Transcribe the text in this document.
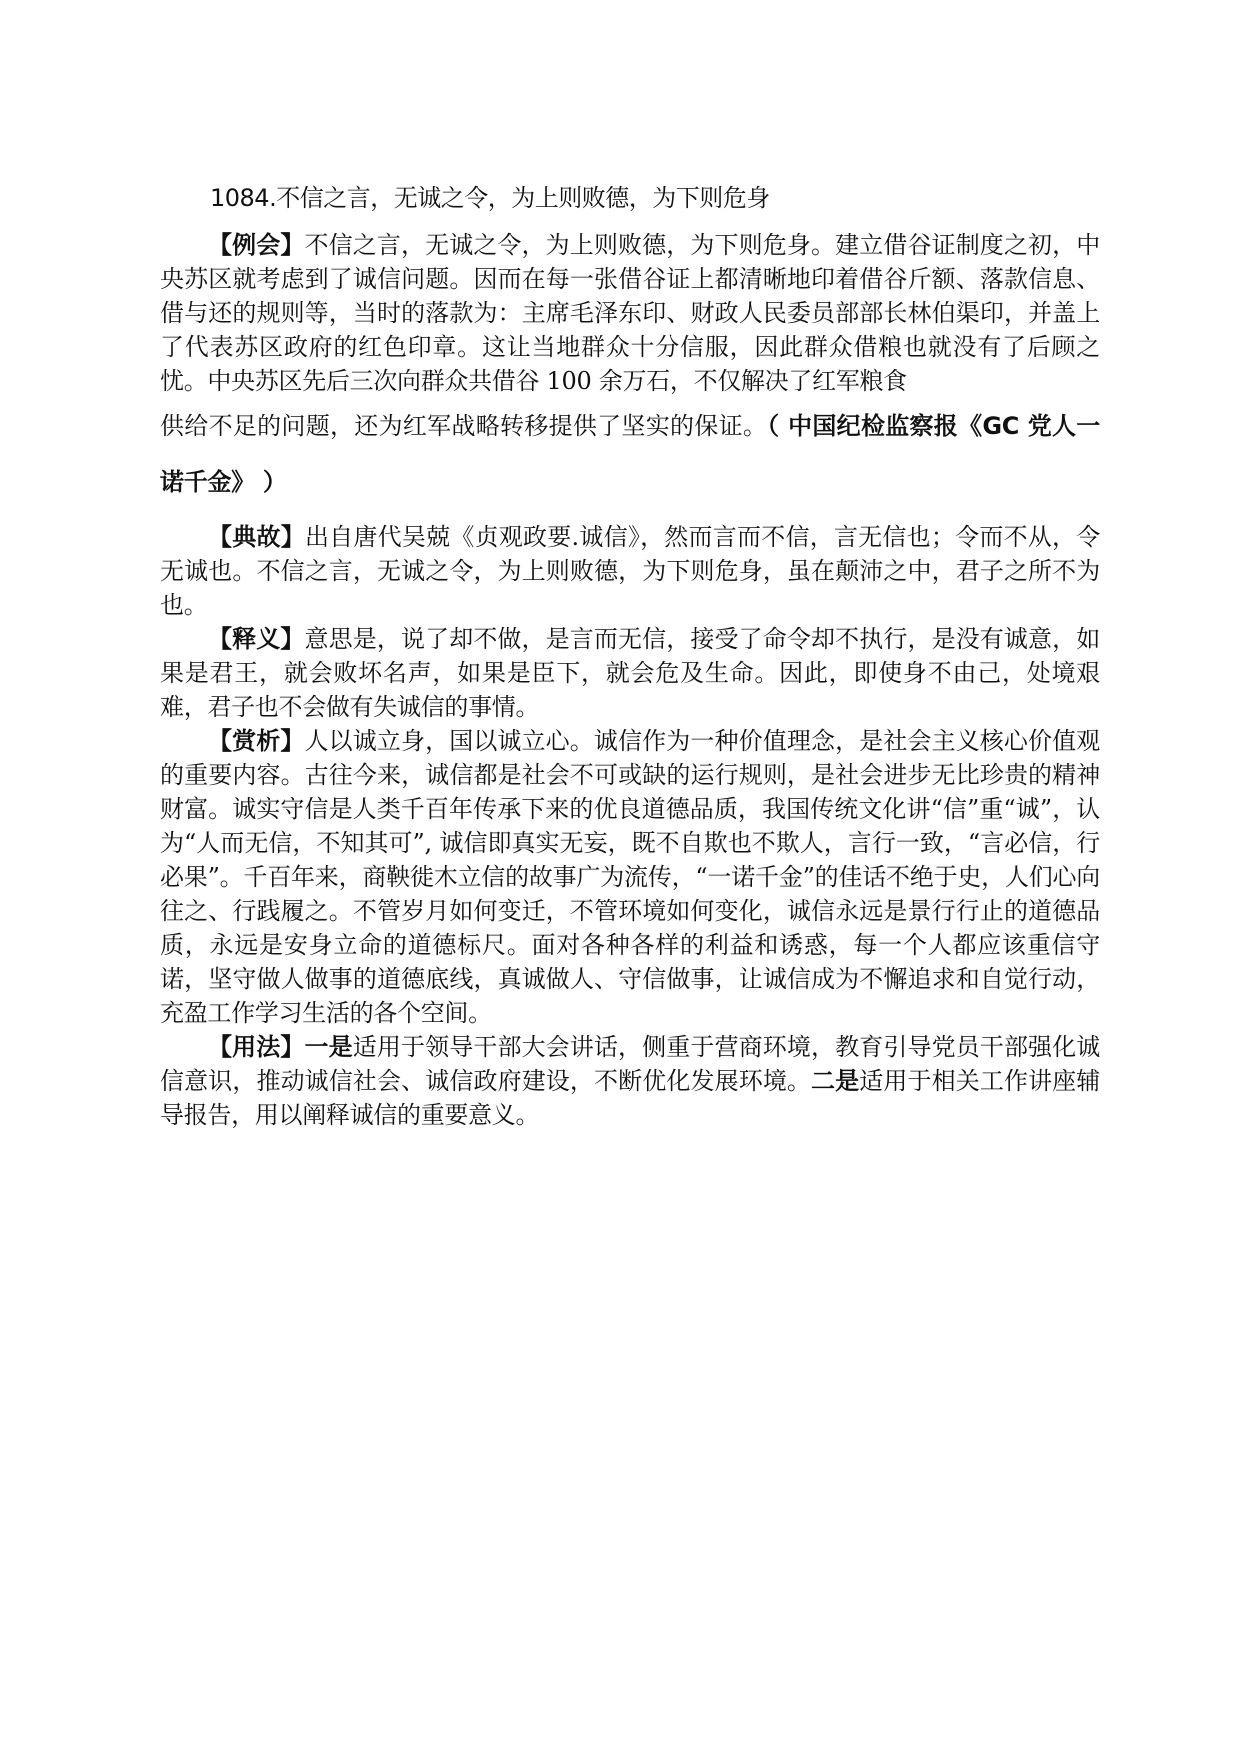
1084.不信之言，无诚之令，为上则败德，为下则危身

【例会】不信之言，无诚之令，为上则败德，为下则危身。建立借谷证制度之初，中央苏区就考虑到了诚信问题。因而在每一张借谷证上都清晰地印着借谷斤额、落款信息、借与还的规则等，当时的落款为：主席毛泽东印、财政人民委员部部长林伯渠印，并盖上了代表苏区政府的红色印章。这让当地群众十分信服，因此群众借粮也就没有了后顾之忧。中央苏区先后三次向群众共借谷 100 余万石，不仅解决了红军粮食

供给不足的问题，还为红军战略转移提供了坚实的保证。（ 中国纪检监察报《GC 党人一诺千金》 ）

【典故】出自唐代吴兢《贞观政要.诚信》，然而言而不信，言无信也；令而不从，令无诚也。不信之言，无诚之令，为上则败德，为下则危身，虽在颠沛之中，君子之所不为也。

【释义】意思是，说了却不做，是言而无信，接受了命令却不执行，是没有诚意，如果是君王，就会败坏名声，如果是臣下，就会危及生命。因此，即使身不由己，处境艰难，君子也不会做有失诚信的事情。

【赏析】人以诚立身，国以诚立心。诚信作为一种价值理念，是社会主义核心价值观的重要内容。古往今来，诚信都是社会不可或缺的运行规则，是社会进步无比珍贵的精神财富。诚实守信是人类千百年传承下来的优良道德品质，我国传统文化讲“信”重“诚”，认为“人而无信，不知其可”, 诚信即真实无妄，既不自欺也不欺人，言行一致，“言必信，行必果”。千百年来，商鞅徙木立信的故事广为流传，“一诺千金”的佳话不绝于史，人们心向往之、行践履之。不管岁月如何变迁，不管环境如何变化，诚信永远是景行行止的道德品质，永远是安身立命的道德标尺。面对各种各样的利益和诱惑，每一个人都应该重信守诺，坚守做人做事的道德底线，真诚做人、守信做事，让诚信成为不懈追求和自觉行动，充盈工作学习生活的各个空间。

【用法】一是适用于领导干部大会讲话，侧重于营商环境，教育引导党员干部强化诚信意识，推动诚信社会、诚信政府建设，不断优化发展环境。二是适用于相关工作讲座辅导报告，用以阐释诚信的重要意义。
